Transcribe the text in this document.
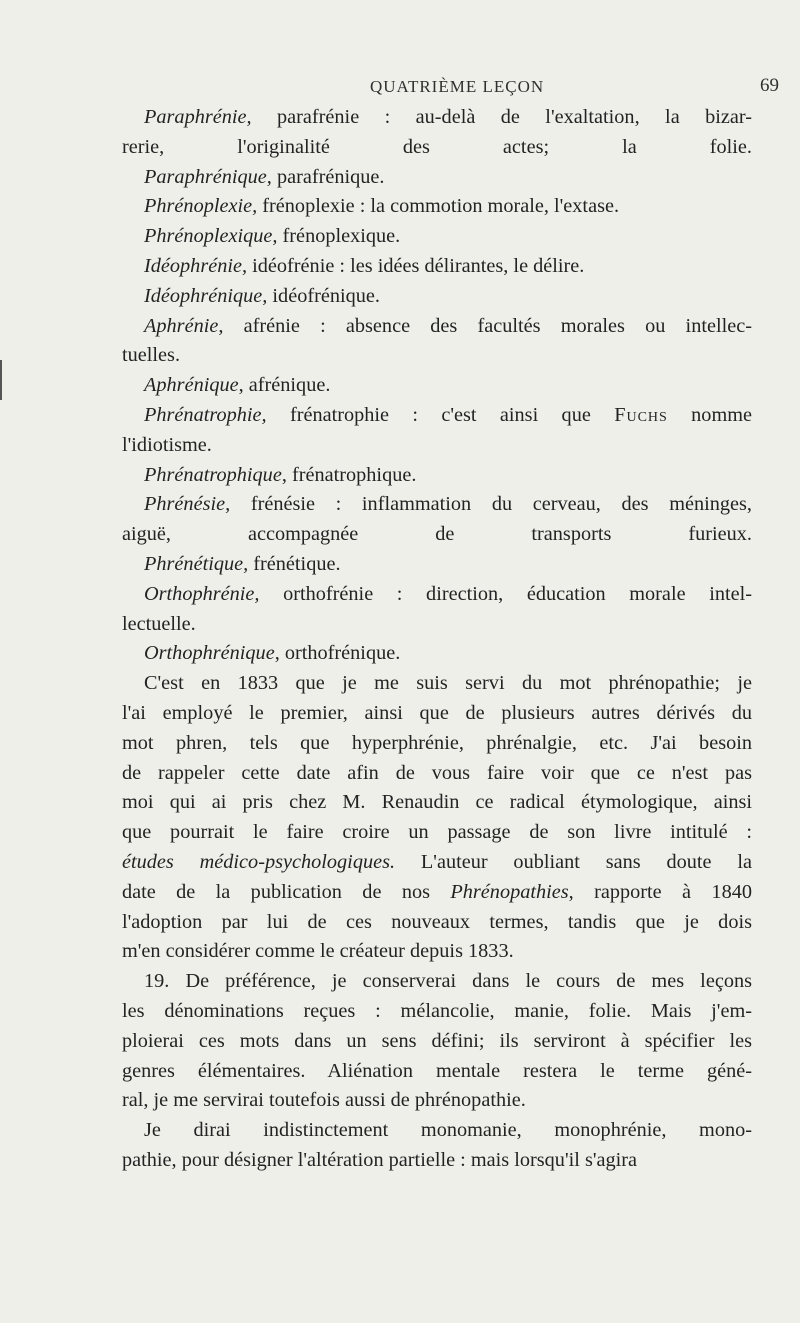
QUATRIÈME LEÇON	69
Paraphrénie, parafrénie : au-delà de l'exaltation, la bizar-
rerie, l'originalité des actes; la folie.
Paraphrénique, parafrénique.
Phrénoplexie, frénoplexie : la commotion morale, l'extase.
Phrénoplexique, frénoplexique.
Idéophrénie, idéofrénie : les idées délirantes, le délire.
Idéophrénique, idéofrénique.
Aphrénie, afrénie : absence des facultés morales ou intellec-
tuelles.
Aphrénique, afrénique.
Phrénatrophie, frénatrophie : c'est ainsi que Fuchs nomme
l'idiotisme.
Phrénatrophique, frénatrophique.
Phrénésie, frénésie : inflammation du cerveau, des méninges,
aiguë, accompagnée de transports furieux.
Phrénétique, frénétique.
Orthophrénie, orthofrénie : direction, éducation morale intel-
lectuelle.
Orthophrénique, orthofrénique.
C'est en 1833 que je me suis servi du mot phrénopathie; je
l'ai employé le premier, ainsi que de plusieurs autres dérivés du
mot phren, tels que hyperphrénie, phrénalgie, etc. J'ai besoin
de rappeler cette date afin de vous faire voir que ce n'est pas
moi qui ai pris chez M. Renaudin ce radical étymologique, ainsi
que pourrait le faire croire un passage de son livre intitulé :
études médico-psychologiques. L'auteur oubliant sans doute la
date de la publication de nos Phrénopathies, rapporte à 1840
l'adoption par lui de ces nouveaux termes, tandis que je dois
m'en considérer comme le créateur depuis 1833.
19. De préférence, je conserverai dans le cours de mes leçons
les dénominations reçues : mélancolie, manie, folie. Mais j'em-
ploierai ces mots dans un sens défini; ils serviront à spécifier les
genres élémentaires. Aliénation mentale restera le terme géné-
ral, je me servirai toutefois aussi de phrénopathie.
Je dirai indistinctement monomanie, monophrénie, mono-
pathie, pour désigner l'altération partielle : mais lorsqu'il s'agira
